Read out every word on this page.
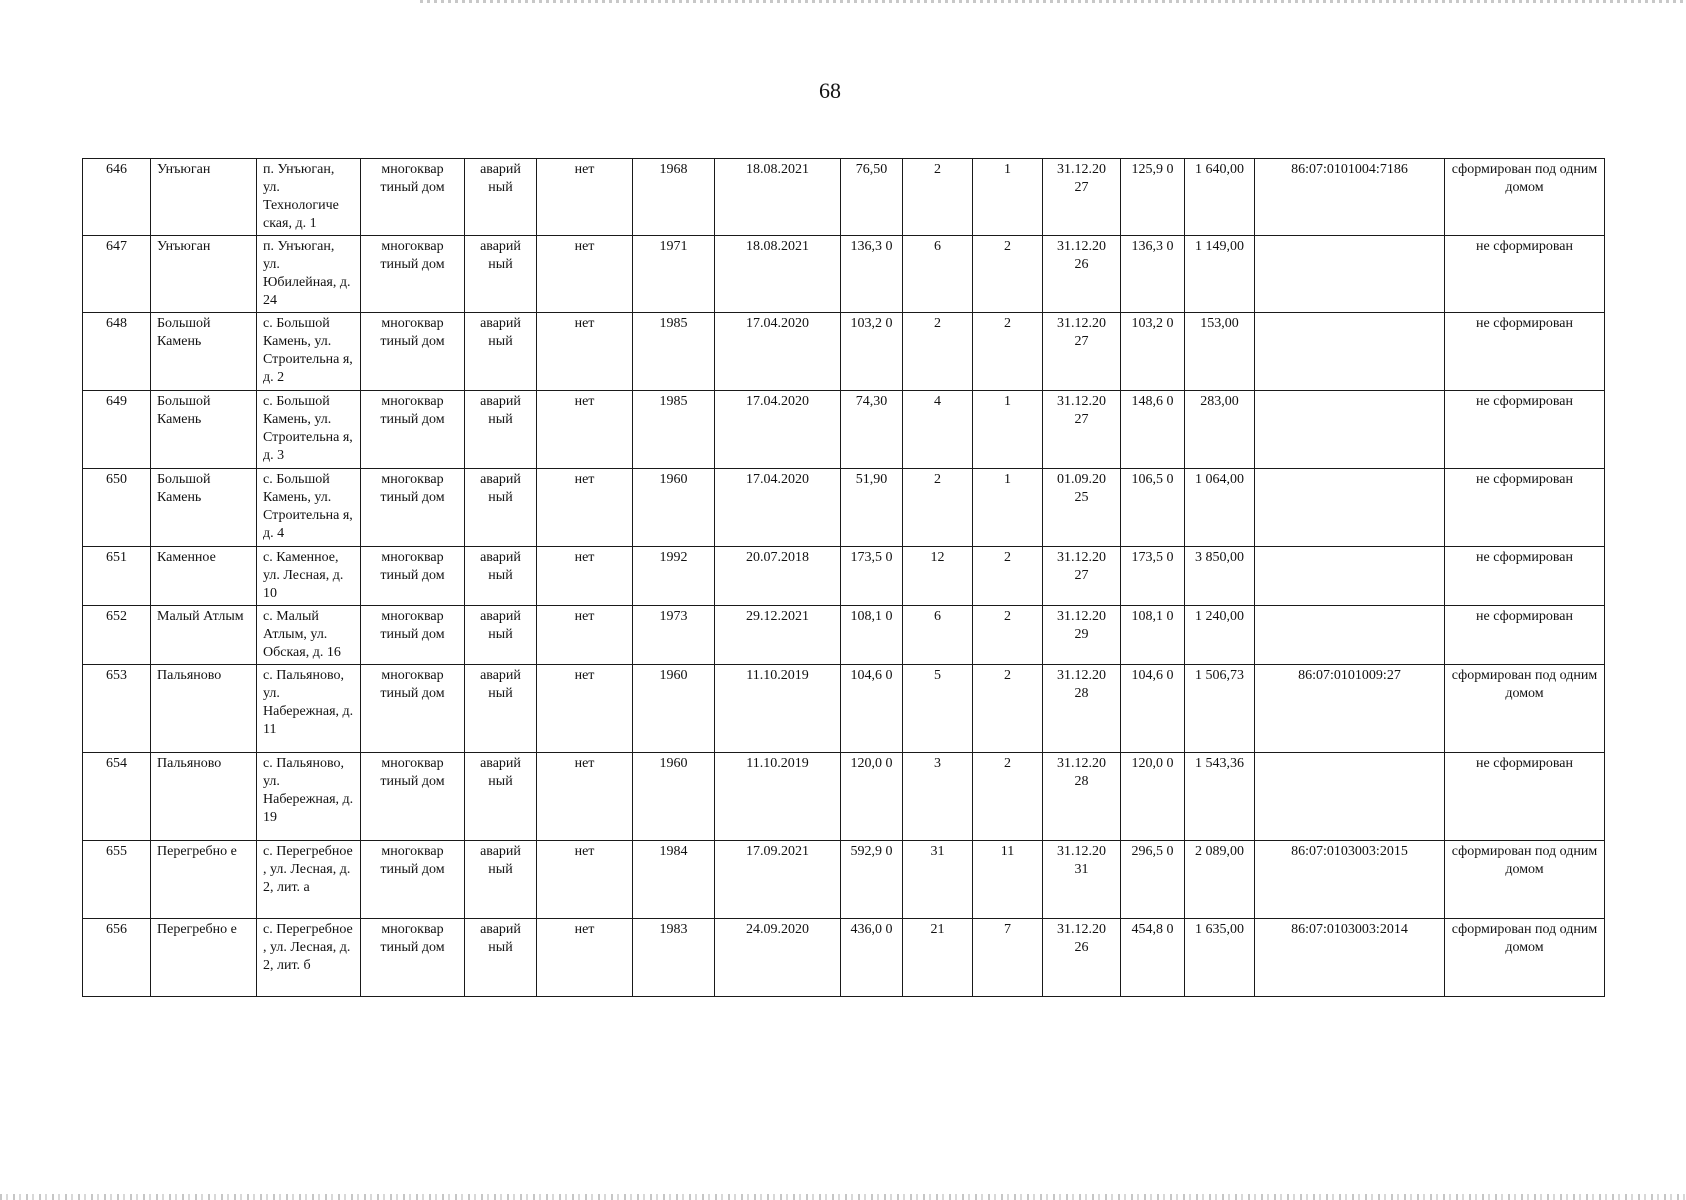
68
646	Унъюган	п. Унъюган, ул. Технологиче ская, д. 1	многоквар тиный дом	аварий ный	нет	1968	18.08.2021	76,50	2	1	31.12.20 27	125,9 0	1 640,00	86:07:0101004:7186	сформирован под одним домом
647	Унъюган	п. Унъюган, ул. Юбилейная, д. 24	многоквар тиный дом	аварий ный	нет	1971	18.08.2021	136,3 0	6	2	31.12.20 26	136,3 0	1 149,00		не сформирован
648	Большой Камень	с. Большой Камень, ул. Строительна я, д. 2	многоквар тиный дом	аварий ный	нет	1985	17.04.2020	103,2 0	2	2	31.12.20 27	103,2 0	153,00		не сформирован
649	Большой Камень	с. Большой Камень, ул. Строительна я, д. 3	многоквар тиный дом	аварий ный	нет	1985	17.04.2020	74,30	4	1	31.12.20 27	148,6 0	283,00		не сформирован
650	Большой Камень	с. Большой Камень, ул. Строительна я, д. 4	многоквар тиный дом	аварий ный	нет	1960	17.04.2020	51,90	2	1	01.09.20 25	106,5 0	1 064,00		не сформирован
651	Каменное	с. Каменное, ул. Лесная, д. 10	многоквар тиный дом	аварий ный	нет	1992	20.07.2018	173,5 0	12	2	31.12.20 27	173,5 0	3 850,00		не сформирован
652	Малый Атлым	с. Малый Атлым, ул. Обская, д. 16	многоквар тиный дом	аварий ный	нет	1973	29.12.2021	108,1 0	6	2	31.12.20 29	108,1 0	1 240,00		не сформирован
653	Пальяново	с. Пальяново, ул. Набережная, д. 11	многоквар тиный дом	аварий ный	нет	1960	11.10.2019	104,6 0	5	2	31.12.20 28	104,6 0	1 506,73	86:07:0101009:27	сформирован под одним домом
654	Пальяново	с. Пальяново, ул. Набережная, д. 19	многоквар тиный дом	аварий ный	нет	1960	11.10.2019	120,0 0	3	2	31.12.20 28	120,0 0	1 543,36		не сформирован
655	Перегребно е	с. Перегребное , ул. Лесная, д. 2, лит. а	многоквар тиный дом	аварий ный	нет	1984	17.09.2021	592,9 0	31	11	31.12.20 31	296,5 0	2 089,00	86:07:0103003:2015	сформирован под одним домом
656	Перегребно е	с. Перегребное , ул. Лесная, д. 2, лит. б	многоквар тиный дом	аварий ный	нет	1983	24.09.2020	436,0 0	21	7	31.12.20 26	454,8 0	1 635,00	86:07:0103003:2014	сформирован под одним домом
